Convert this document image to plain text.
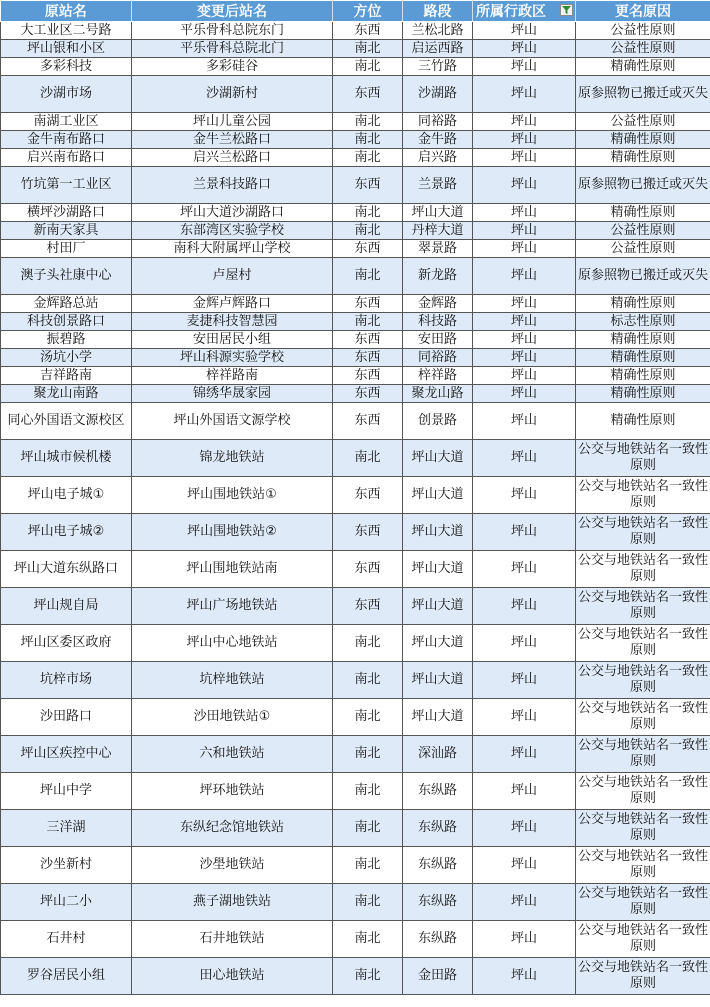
原站名	变更后站名	方位	路段	所属行政区	更名原因
大工业区二号路	平乐骨科总院东门	东西	兰松北路	坪山	公益性原则
坪山银和小区	平乐骨科总院北门	南北	启运西路	坪山	公益性原则
多彩科技	多彩硅谷	南北	三竹路	坪山	精确性原则
沙湖市场	沙湖新村	东西	沙湖路	坪山	原参照物已搬迁或灭失
南湖工业区	坪山儿童公园	南北	同裕路	坪山	公益性原则
金牛南布路口	金牛兰松路口	南北	金牛路	坪山	精确性原则
启兴南布路口	启兴兰松路口	南北	启兴路	坪山	精确性原则
竹坑第一工业区	兰景科技路口	东西	兰景路	坪山	原参照物已搬迁或灭失
横坪沙湖路口	坪山大道沙湖路口	南北	坪山大道	坪山	精确性原则
新南天家具	东部湾区实验学校	南北	丹梓大道	坪山	公益性原则
村田厂	南科大附属坪山学校	东西	翠景路	坪山	公益性原则
澳子头社康中心	卢屋村	南北	新龙路	坪山	原参照物已搬迁或灭失
金辉路总站	金辉卢辉路口	东西	金辉路	坪山	精确性原则
科技创景路口	麦捷科技智慧园	南北	科技路	坪山	标志性原则
振碧路	安田居民小组	东西	安田路	坪山	精确性原则
汤坑小学	坪山科源实验学校	东西	同裕路	坪山	精确性原则
吉祥路南	梓祥路南	东西	梓祥路	坪山	精确性原则
聚龙山南路	锦绣华晟家园	东西	聚龙山路	坪山	精确性原则
同心外国语文源校区	坪山外国语文源学校	东西	创景路	坪山	精确性原则
坪山城市候机楼	锦龙地铁站	南北	坪山大道	坪山	公交与地铁站名一致性原则
坪山电子城①	坪山围地铁站①	东西	坪山大道	坪山	公交与地铁站名一致性原则
坪山电子城②	坪山围地铁站②	东西	坪山大道	坪山	公交与地铁站名一致性原则
坪山大道东纵路口	坪山围地铁站南	东西	坪山大道	坪山	公交与地铁站名一致性原则
坪山规自局	坪山广场地铁站	东西	坪山大道	坪山	公交与地铁站名一致性原则
坪山区委区政府	坪山中心地铁站	南北	坪山大道	坪山	公交与地铁站名一致性原则
坑梓市场	坑梓地铁站	南北	坪山大道	坪山	公交与地铁站名一致性原则
沙田路口	沙田地铁站①	南北	坪山大道	坪山	公交与地铁站名一致性原则
坪山区疾控中心	六和地铁站	南北	深汕路	坪山	公交与地铁站名一致性原则
坪山中学	坪环地铁站	南北	东纵路	坪山	公交与地铁站名一致性原则
三洋湖	东纵纪念馆地铁站	南北	东纵路	坪山	公交与地铁站名一致性原则
沙坐新村	沙壆地铁站	南北	东纵路	坪山	公交与地铁站名一致性原则
坪山二小	燕子湖地铁站	南北	东纵路	坪山	公交与地铁站名一致性原则
石井村	石井地铁站	南北	东纵路	坪山	公交与地铁站名一致性原则
罗谷居民小组	田心地铁站	南北	金田路	坪山	公交与地铁站名一致性原则
